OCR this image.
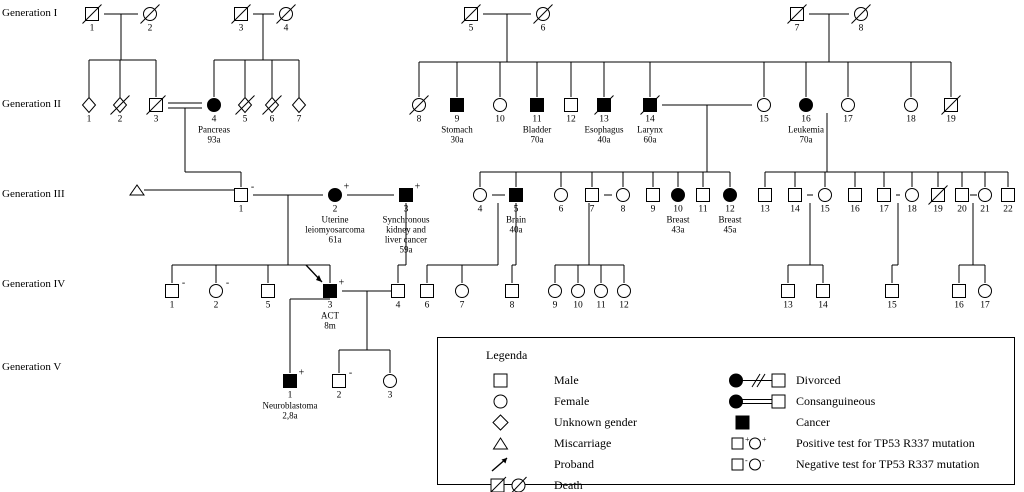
1	2	3	4	5	6	7	8
1	2	3	4
Pancreas
93a
5 6 7	8	9
Stomach
30a
10	11
Bladder
70a
12 13
Esophagus
40a
14
Larynx
60a
15	16
Leukemia
70a
17	18	19
1
-
2
+
Uterine leiomyosarcoma
61a
3
+
Synchronous kidney and liver cancer
59a
4	5
Brain
40a
6	7	8	9 10
Breast
43a
11 12
Breast
45a
13 14 15 16 17 18 19 20 21 22
1
-
2
-
5	3
+
ACT
8m
4	6	7	8	9 10 11 12	13	14	15	16 17
1
+
Neuroblastoma
2,8a
2
-
3
Generation I
Generation II
Generation III
Generation IV
Generation V
Legenda
Male
Female
Unknown gender
Miscarriage
Proband
Death
Divorced
Consanguineous
Cancer
+ + Positive test for TP53 R337 mutation
- -	Negative test for TP53 R337 mutation
